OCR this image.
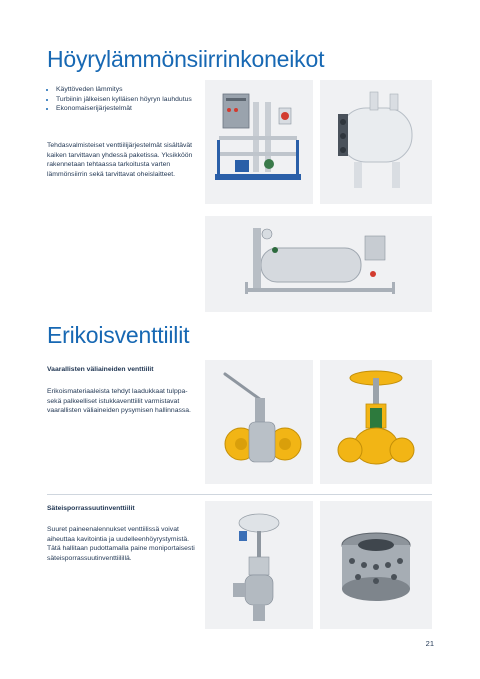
Höyrylämmönsiirrinkoneikot
• Käyttöveden lämmitys
• Turbiinin jälkeisen kylläisen höyryn lauhdutus
• Ekonomaiserijärjestelmät
Tehdasvalmisteiset venttiilijärjestelmät sisältävät kaiken tarvittavan yhdessä paketissa. Yksikköön rakennetaan tehtaassa tarkoitusta varten lämmönsiirrin sekä tarvittavat oheislaitteet.
Erikoisventtiilit
Vaarallisten väliaineiden venttiilit
Erikoismateriaaleista tehdyt laadukkaat tulppa- sekä palkeelliset istukkaventtiilit varmistavat vaarallisten väliaineiden pysymisen hallinnassa.
Säteisporrassuutinventtiilit
Suuret paineenalennukset venttiilissä voivat aiheuttaa kavitointia ja uudelleenhöyrystymistä. Tätä hallitaan pudottamalla paine moniportaisesti säteisporrassuutinventtiilillä.
21
